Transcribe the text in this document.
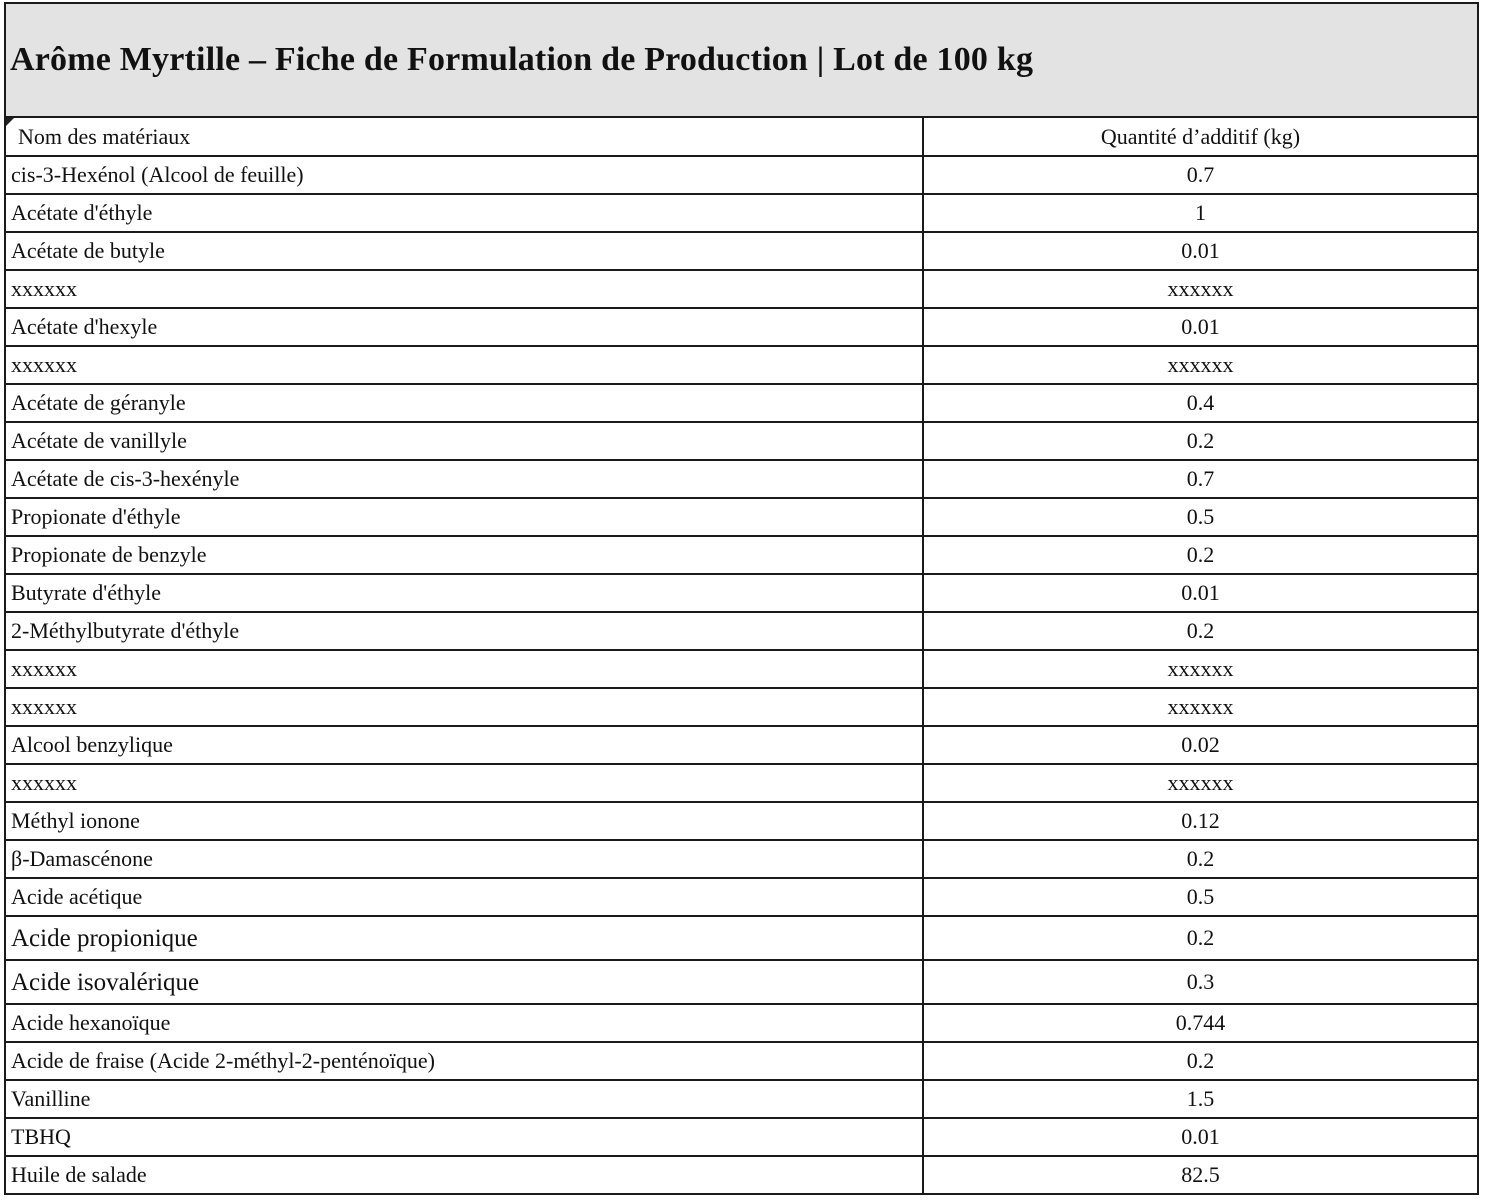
Arôme Myrtille – Fiche de Formulation de Production | Lot de 100 kg
Nom des matériaux	Quantité d’additif (kg)
cis-3-Hexénol (Alcool de feuille)	0.7
Acétate d'éthyle	1
Acétate de butyle	0.01
xxxxxx	xxxxxx
Acétate d'hexyle	0.01
xxxxxx	xxxxxx
Acétate de géranyle	0.4
Acétate de vanillyle	0.2
Acétate de cis-3-hexényle	0.7
Propionate d'éthyle	0.5
Propionate de benzyle	0.2
Butyrate d'éthyle	0.01
2-Méthylbutyrate d'éthyle	0.2
xxxxxx	xxxxxx
xxxxxx	xxxxxx
Alcool benzylique	0.02
xxxxxx	xxxxxx
Méthyl ionone	0.12
β-Damascénone	0.2
Acide acétique	0.5
Acide propionique	0.2
Acide isovalérique	0.3
Acide hexanoïque	0.744
Acide de fraise (Acide 2-méthyl-2-penténoïque)	0.2
Vanilline	1.5
TBHQ	0.01
Huile de salade	82.5
